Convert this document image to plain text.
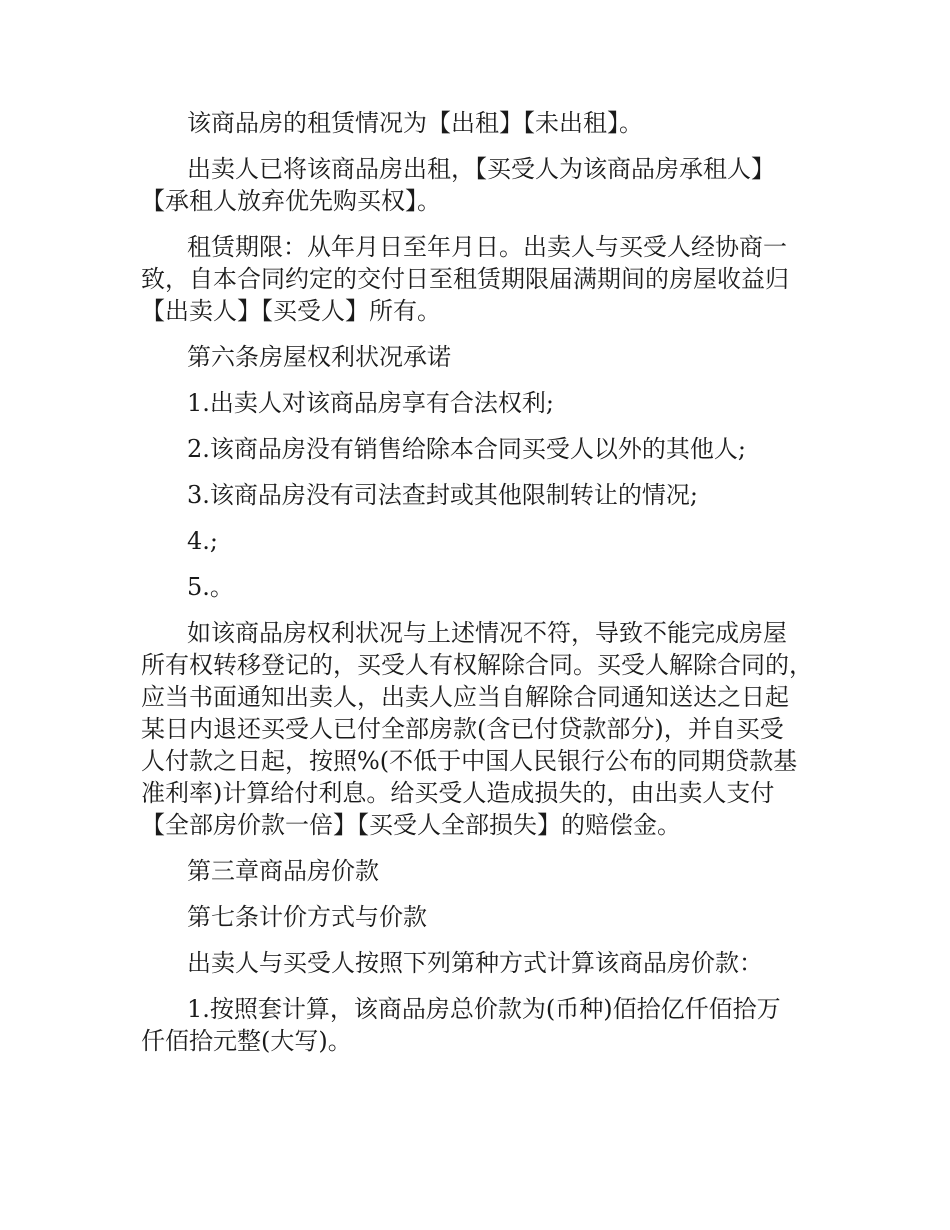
该商品房的租赁情况为【出租】【未出租】。

出卖人已将该商品房出租，【买受人为该商品房承租人】
【承租人放弃优先购买权】。

租赁期限：从年月日至年月日。出卖人与买受人经协商一
致，自本合同约定的交付日至租赁期限届满期间的房屋收益归
【出卖人】【买受人】所有。

第六条房屋权利状况承诺

1.出卖人对该商品房享有合法权利;

2.该商品房没有销售给除本合同买受人以外的其他人;

3.该商品房没有司法查封或其他限制转让的情况;

4.;

5.。

如该商品房权利状况与上述情况不符，导致不能完成房屋
所有权转移登记的，买受人有权解除合同。买受人解除合同的，
应当书面通知出卖人，出卖人应当自解除合同通知送达之日起
某日内退还买受人已付全部房款(含已付贷款部分)，并自买受
人付款之日起，按照%(不低于中国人民银行公布的同期贷款基
准利率)计算给付利息。给买受人造成损失的，由出卖人支付
【全部房价款一倍】【买受人全部损失】的赔偿金。

第三章商品房价款

第七条计价方式与价款

出卖人与买受人按照下列第种方式计算该商品房价款：

1.按照套计算，该商品房总价款为(币种)佰拾亿仟佰拾万
仟佰拾元整(大写)。
